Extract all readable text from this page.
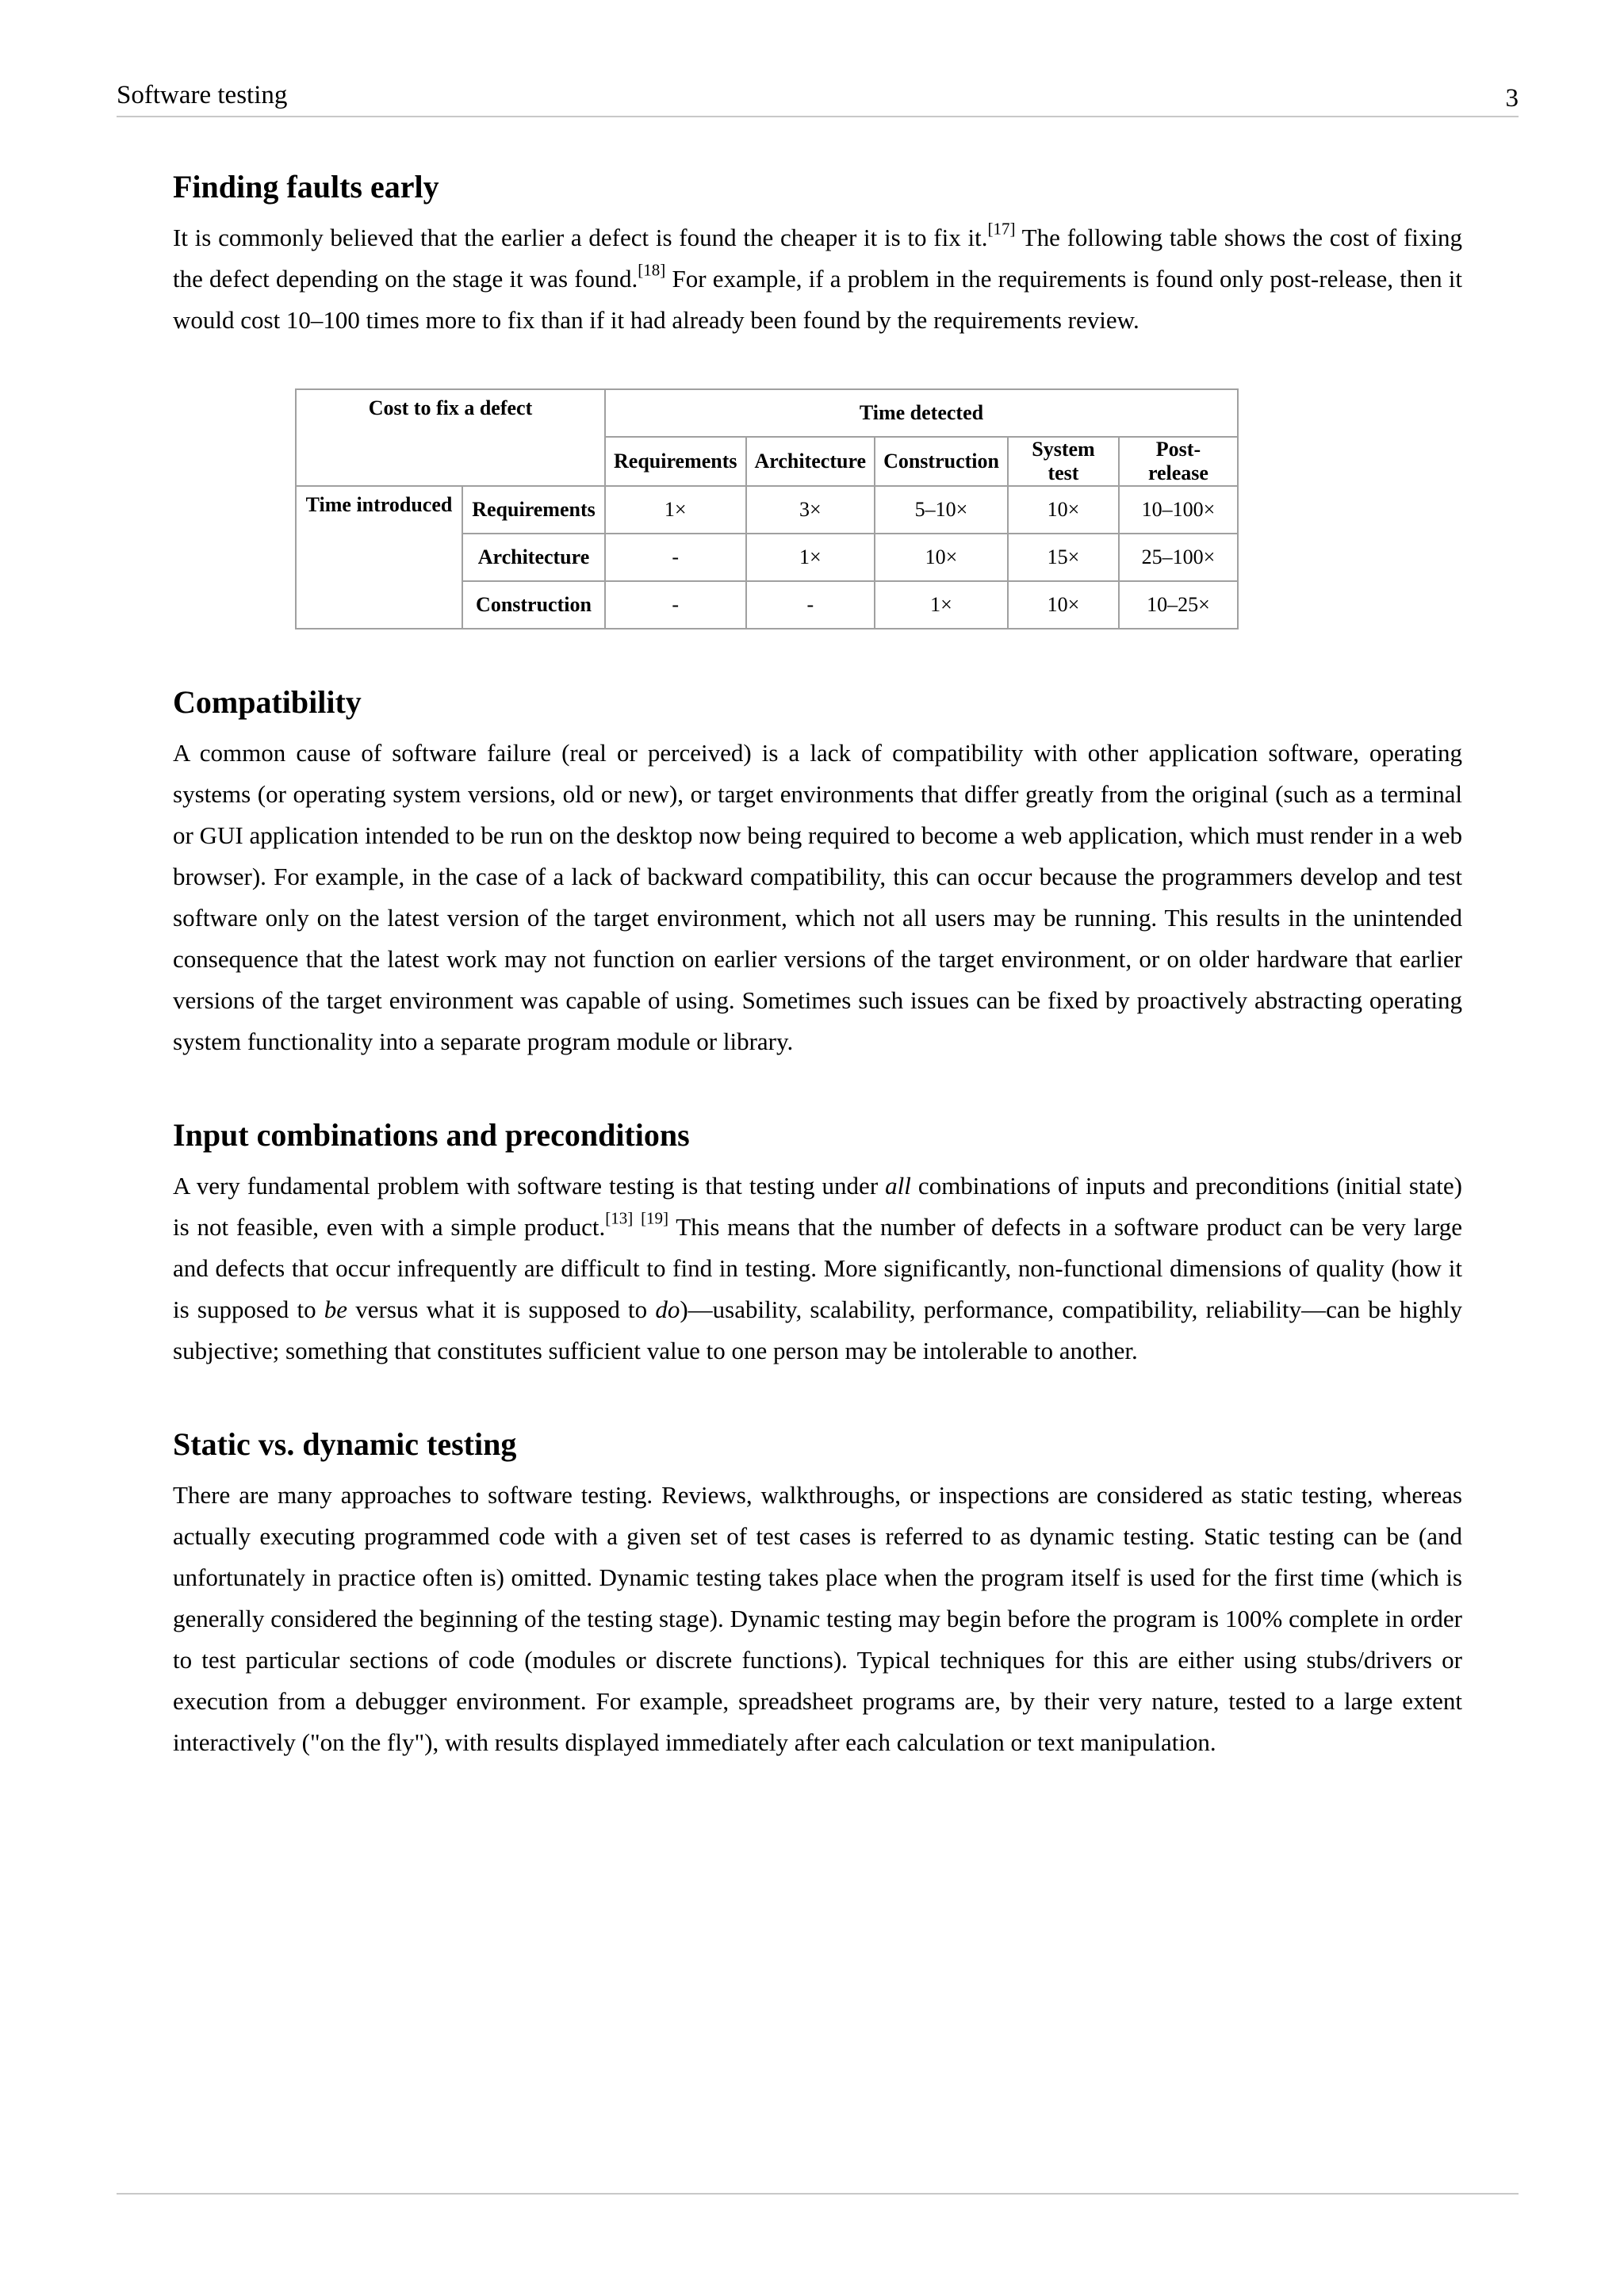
Software testing	3
Finding faults early

It is commonly believed that the earlier a defect is found the cheaper it is to fix it.[17] The following table shows the cost of fixing the defect depending on the stage it was found.[18] For example, if a problem in the requirements is found only post-release, then it would cost 10–100 times more to fix than if it had already been found by the requirements review.

Cost to fix a defect		Time detected				
		Requirements	Architecture	Construction	System test	Post-release
Time introduced	Requirements	1×	3×	5–10×	10×	10–100×
	Architecture	-	1×	10×	15×	25–100×
	Construction	-	-	1×	10×	10–25×
Compatibility

A common cause of software failure (real or perceived) is a lack of compatibility with other application software, operating systems (or operating system versions, old or new), or target environments that differ greatly from the original (such as a terminal or GUI application intended to be run on the desktop now being required to become a web application, which must render in a web browser). For example, in the case of a lack of backward compatibility, this can occur because the programmers develop and test software only on the latest version of the target environment, which not all users may be running. This results in the unintended consequence that the latest work may not function on earlier versions of the target environment, or on older hardware that earlier versions of the target environment was capable of using. Sometimes such issues can be fixed by proactively abstracting operating system functionality into a separate program module or library.

Input combinations and preconditions

A very fundamental problem with software testing is that testing under all combinations of inputs and preconditions (initial state) is not feasible, even with a simple product.[13] [19] This means that the number of defects in a software product can be very large and defects that occur infrequently are difficult to find in testing. More significantly, non-functional dimensions of quality (how it is supposed to be versus what it is supposed to do)—usability, scalability, performance, compatibility, reliability—can be highly subjective; something that constitutes sufficient value to one person may be intolerable to another.

Static vs. dynamic testing

There are many approaches to software testing. Reviews, walkthroughs, or inspections are considered as static testing, whereas actually executing programmed code with a given set of test cases is referred to as dynamic testing. Static testing can be (and unfortunately in practice often is) omitted. Dynamic testing takes place when the program itself is used for the first time (which is generally considered the beginning of the testing stage). Dynamic testing may begin before the program is 100% complete in order to test particular sections of code (modules or discrete functions). Typical techniques for this are either using stubs/drivers or execution from a debugger environment. For example, spreadsheet programs are, by their very nature, tested to a large extent interactively ("on the fly"), with results displayed immediately after each calculation or text manipulation.
